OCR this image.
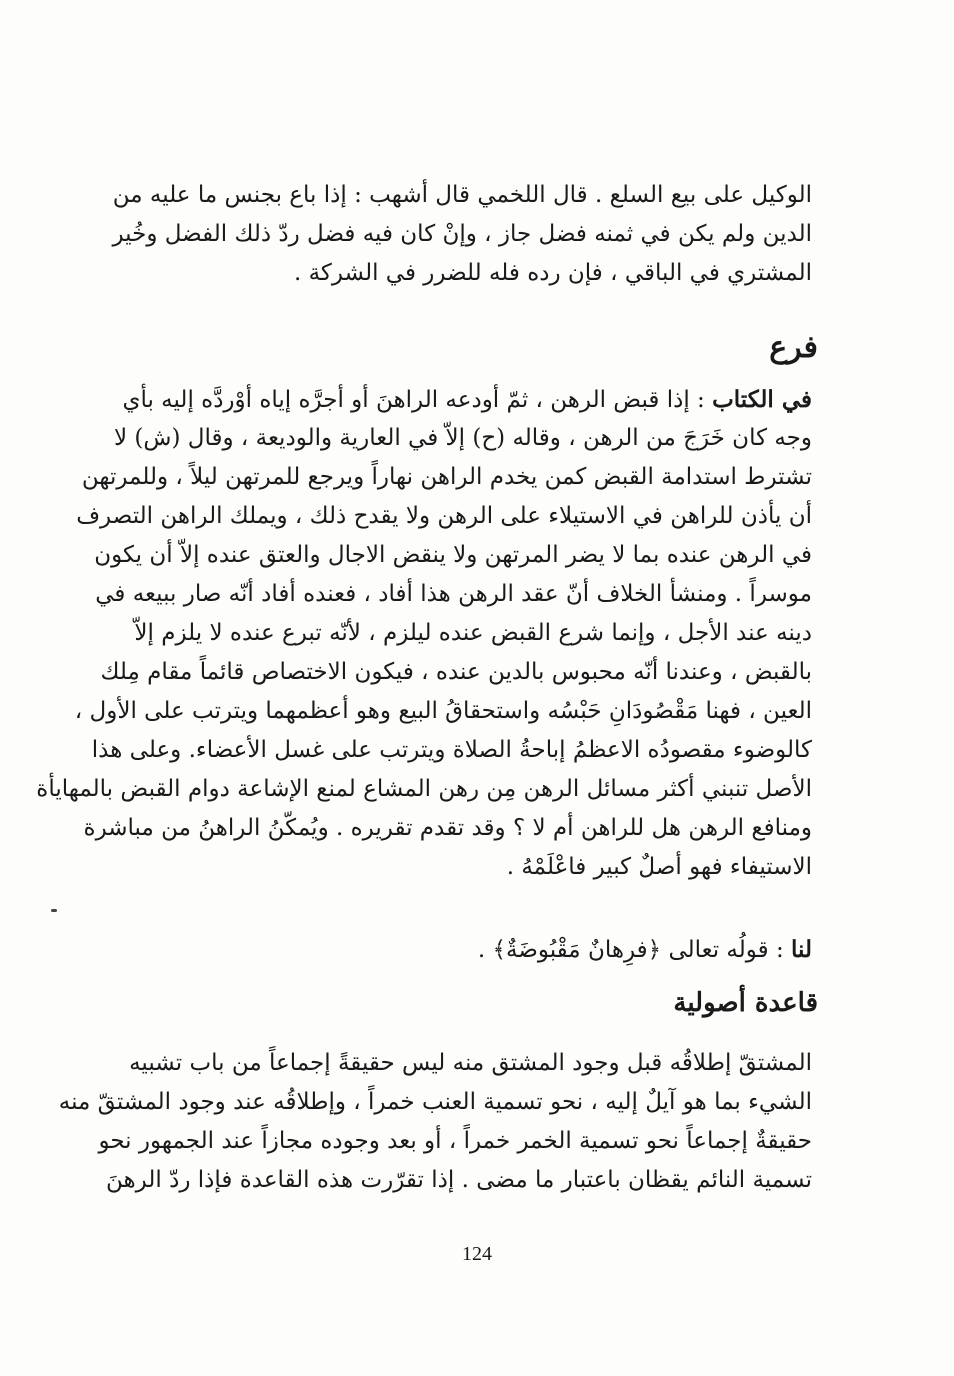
الوكيل على بيع السلع . قال اللخمي قال أشهب : إذا باع بجنس ما عليه من
الدين ولم يكن في ثمنه فضل جاز ، وإنْ كان فيه فضل ردّ ذلك الفضل وخُير
المشتري في الباقي ، فإن رده فله للضرر في الشركة .
فرع
في الكتاب : إذا قبض الرهن ، ثمّ أودعه الراهنَ أو أجرَّه إياه أوْردَّه إليه بأي
وجه كان خَرَجَ من الرهن ، وقاله (ح) إلاّ في العارية والوديعة ، وقال (ش) لا
تشترط استدامة القبض كمن يخدم الراهن نهاراً ويرجع للمرتهن ليلاً ، وللمرتهن
أن يأذن للراهن في الاستيلاء على الرهن ولا يقدح ذلك ، ويملك الراهن التصرف
في الرهن عنده بما لا يضر المرتهن ولا ينقض الاجال والعتق عنده إلاّ أن يكون
موسراً . ومنشأ الخلاف أنّ عقد الرهن هذا أفاد ، فعنده أفاد أنّه صار ببيعه في
دينه عند الأجل ، وإنما شرع القبض عنده ليلزم ، لأنّه تبرع عنده لا يلزم إلاّ
بالقبض ، وعندنا أنّه محبوس بالدين عنده ، فيكون الاختصاص قائماً مقام مِلك
العين ، فهنا مَقْصُودَانِ حَبْسُه واستحقاقُ البيع وهو أعظمهما ويترتب على الأول ،
كالوضوء مقصودُه الاعظمُ إباحةُ الصلاة ويترتب على غسل الأعضاء. وعلى هذا
الأصل تنبني أكثر مسائل الرهن مِن رهن المشاع لمنع الإشاعة دوام القبض بالمهايأة
ومنافع الرهن هل للراهن أم لا ؟ وقد تقدم تقريره . ويُمكّنُ الراهنُ من مباشرة
الاستيفاء فهو أصلٌ كبير فاعْلَمْهُ .
لنا : قولُه تعالى ﴿فرِهانٌ مَقْبُوضَةٌ﴾ .
قاعدة أصولية
المشتقّ إطلاقُه قبل وجود المشتق منه ليس حقيقةً إجماعاً من باب تشبيه
الشيء بما هو آيلٌ إليه ، نحو تسمية العنب خمراً ، وإطلاقُه عند وجود المشتقّ منه
حقيقةٌ إجماعاً نحو تسمية الخمر خمراً ، أو بعد وجوده مجازاً عند الجمهور نحو
تسمية النائم يقظان باعتبار ما مضى . إذا تقرّرت هذه القاعدة فإذا ردّ الرهنَ
124
